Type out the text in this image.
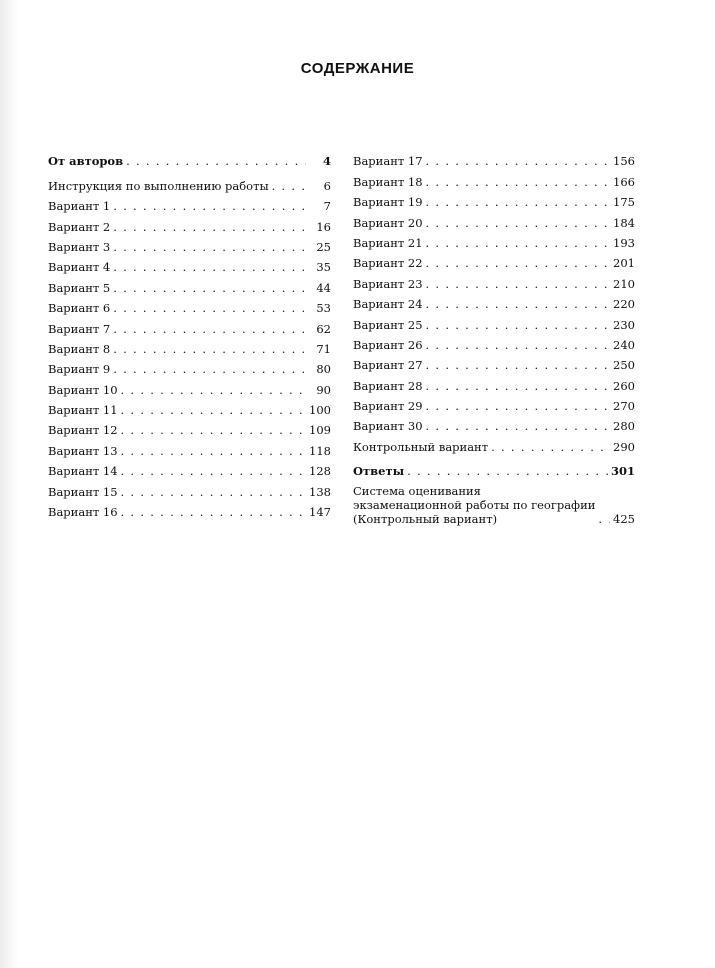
СОДЕРЖАНИЕ
От авторов . . .	4
Инструкция по выполнению работы . . .	6
Вариант 1 . . .	7
Вариант 2 . . .	16
Вариант 3 . . .	25
Вариант 4 . . .	35
Вариант 5 . . .	44
Вариант 6 . . .	53
Вариант 7 . . .	62
Вариант 8 . . .	71
Вариант 9 . . .	80
Вариант 10 . . .	90
Вариант 11 . . .	100
Вариант 12 . . .	109
Вариант 13 . . .	118
Вариант 14 . . .	128
Вариант 15 . . .	138
Вариант 16 . . .	147
Вариант 17 . . .	156
Вариант 18 . . .	166
Вариант 19 . . .	175
Вариант 20 . . .	184
Вариант 21 . . .	193
Вариант 22 . . .	201
Вариант 23 . . .	210
Вариант 24 . . .	220
Вариант 25 . . .	230
Вариант 26 . . .	240
Вариант 27 . . .	250
Вариант 28 . . .	260
Вариант 29 . . .	270
Вариант 30 . . .	280
Контрольный вариант . . .	290
Ответы . . .	301
Система оценивания
экзаменационной работы по географии
(Контрольный вариант) . . .	425
